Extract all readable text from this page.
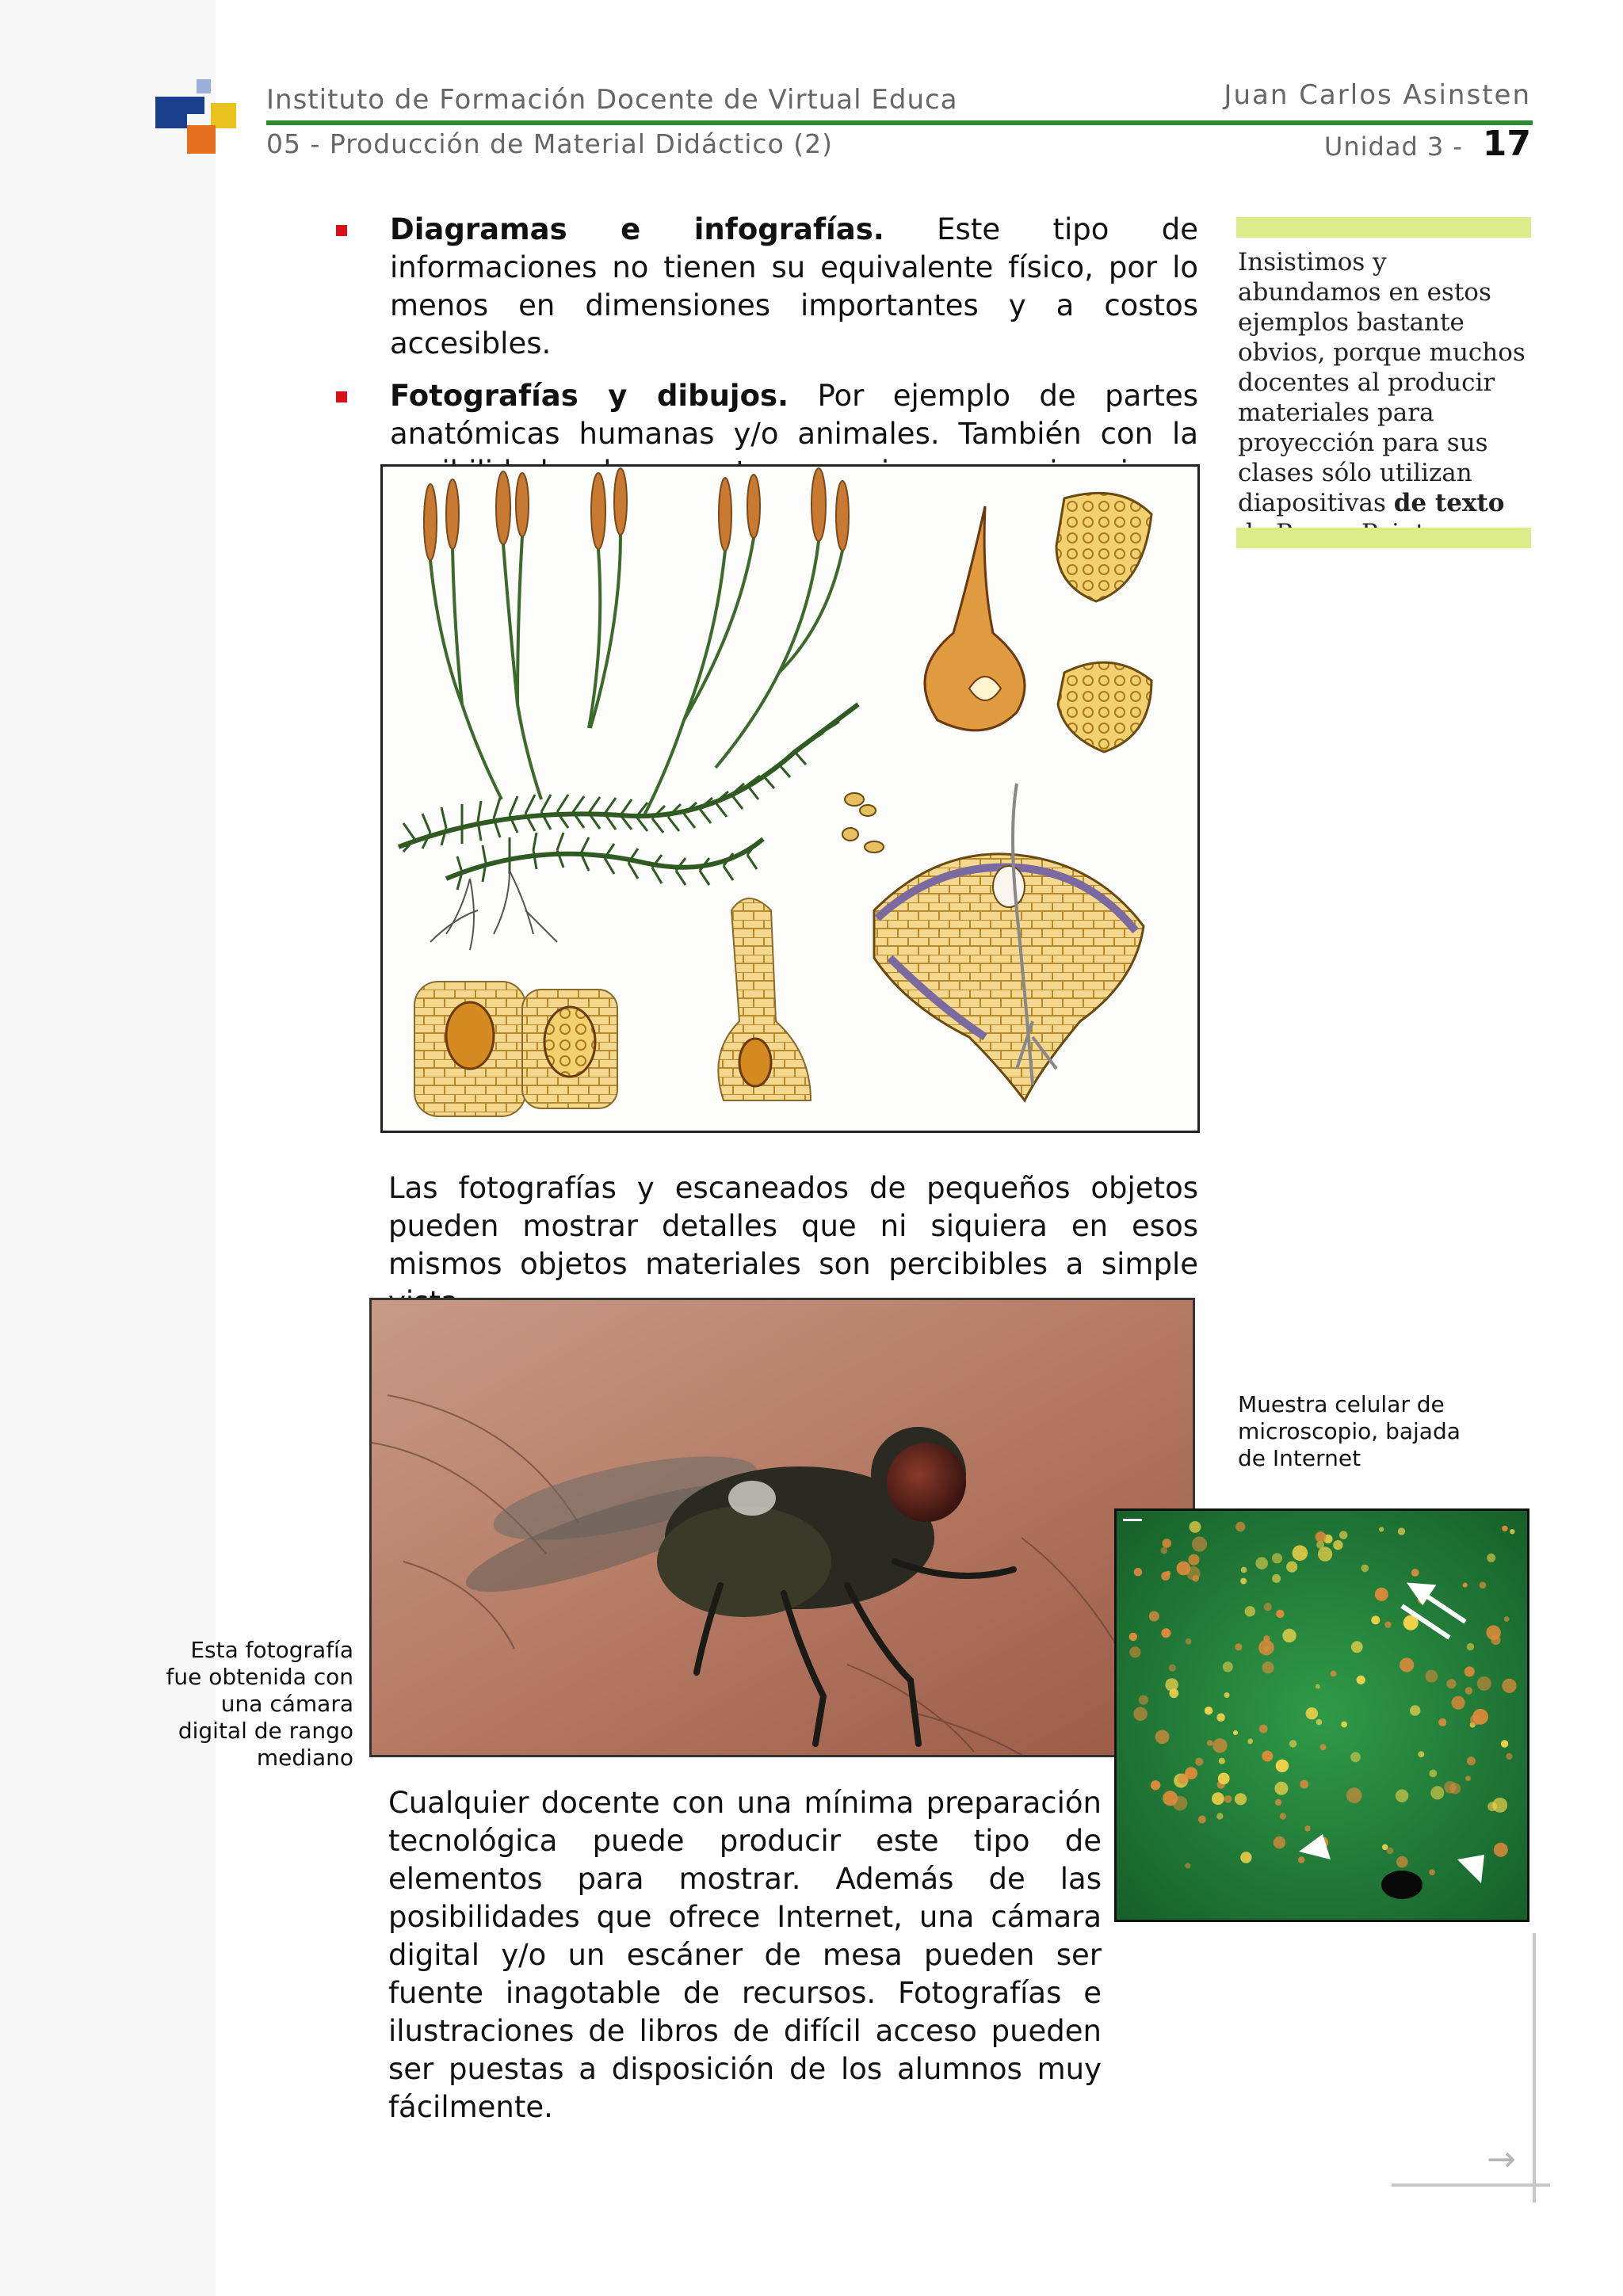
Instituto de Formación Docente de Virtual Educa	Juan Carlos Asinsten
05 - Producción de Material Didáctico (2)	Unidad 3 - 17
Diagramas e infografías. Este tipo de informaciones no tienen su equivalente físico, por lo menos en dimensiones importantes y a costos accesibles.
Fotografías y dibujos. Por ejemplo de partes anatómicas humanas y/o animales. También con la
Insistimos y abundamos en estos ejemplos bastante obvios, porque muchos docentes al producir materiales para proyección para sus clases sólo utilizan diapositivas de texto
Las fotografías y escaneados de pequeños objetos pueden mostrar detalles que ni siquiera en esos mismos objetos materiales son percibibles a simple
Muestra celular de microscopio, bajada de Internet
Esta fotografía fue obtenida con una cámara digital de rango mediano
Cualquier docente con una mínima preparación tecnológica puede producir este tipo de elementos para mostrar. Además de las posibilidades que ofrece Internet, una cámara digital y/o un escáner de mesa pueden ser fuente inagotable de recursos. Fotografías e ilustraciones de libros de difícil acceso pueden ser puestas a disposición de los alumnos muy fácilmente.
→
